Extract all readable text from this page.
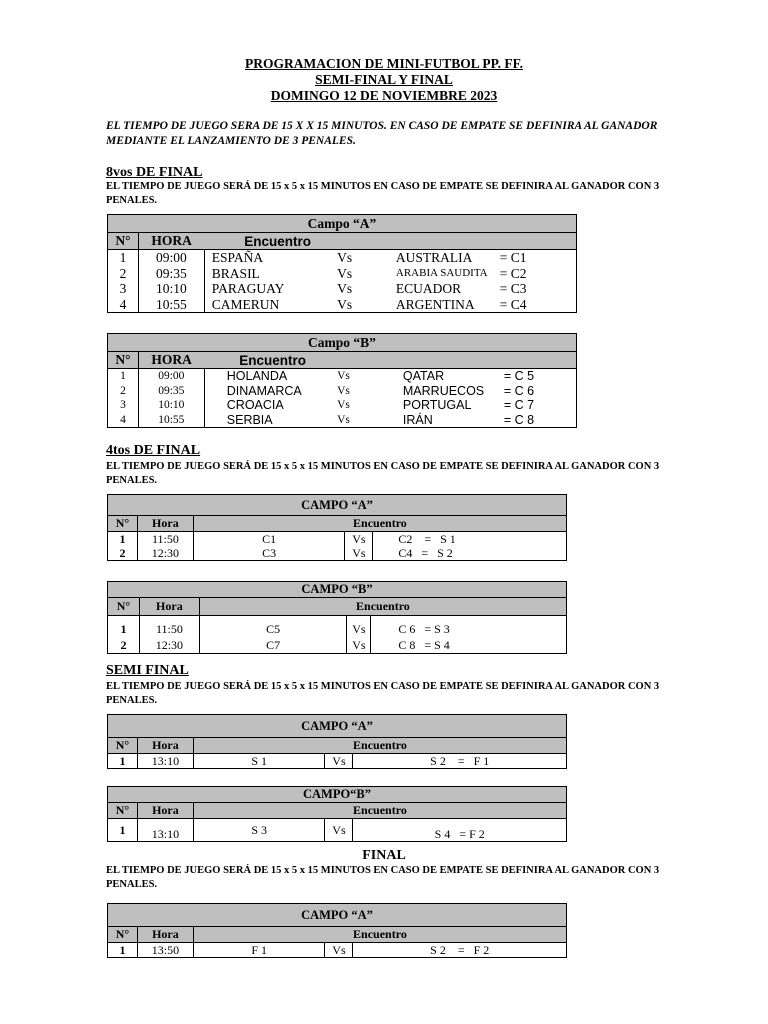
PROGRAMACION DE MINI-FUTBOL PP. FF.
SEMI-FINAL Y FINAL
DOMINGO 12 DE NOVIEMBRE 2023
EL TIEMPO DE JUEGO SERA DE 15 X X 15 MINUTOS. EN CASO DE EMPATE SE DEFINIRA AL GANADOR MEDIANTE EL LANZAMIENTO DE 3 PENALES.
8vos DE FINAL
EL TIEMPO DE JUEGO SERÁ DE 15 x 5 x 15 MINUTOS EN CASO DE EMPATE SE DEFINIRA AL GANADOR CON 3 PENALES.
Campo “A”					
N°	HORA	Encuentro			
1	09:00	ESPAÑA	Vs	AUSTRALIA	= C1
2	09:35	BRASIL	Vs	ARABIA SAUDITA	= C2
3	10:10	PARAGUAY	Vs	ECUADOR	= C3
4	10:55	CAMERUN	Vs	ARGENTINA	= C4
Campo “B”					
N°	HORA	Encuentro			
1	09:00	HOLANDA	Vs	QATAR	= C 5
2	09:35	DINAMARCA	Vs	MARRUECOS	= C 6
3	10:10	CROACIA	Vs	PORTUGAL	= C 7
4	10:55	SERBIA	Vs	IRÁN	= C 8
4tos DE FINAL
EL TIEMPO DE JUEGO SERÁ DE 15 x 5 x 15 MINUTOS EN CASO DE EMPATE SE DEFINIRA AL GANADOR CON 3 PENALES.
CAMPO “A”				
N°	Hora	Encuentro		
1	11:50	C1	Vs	C2    =   S 1
2	12:30	C3	Vs	C4   =   S 2
CAMPO “B”				
N°	Hora	Encuentro		
1	11:50	C5	Vs	C 6   = S 3
2	12:30	C7	Vs	C 8   = S 4
SEMI FINAL
EL TIEMPO DE JUEGO SERÁ DE 15 x 5 x 15 MINUTOS EN CASO DE EMPATE SE DEFINIRA AL GANADOR CON 3 PENALES.
CAMPO “A”				
N°	Hora	Encuentro		
1	13:10	S 1	Vs	S 2    =   F 1
CAMPO“B”				
N°	Hora	Encuentro		
1	13:10	S 3	Vs	S 4   = F 2
FINAL
EL TIEMPO DE JUEGO SERÁ DE 15 x 5 x 15 MINUTOS EN CASO DE EMPATE SE DEFINIRA AL GANADOR CON 3 PENALES.
CAMPO “A”				
N°	Hora	Encuentro		
1	13:50	F 1	Vs	S 2    =   F 2
